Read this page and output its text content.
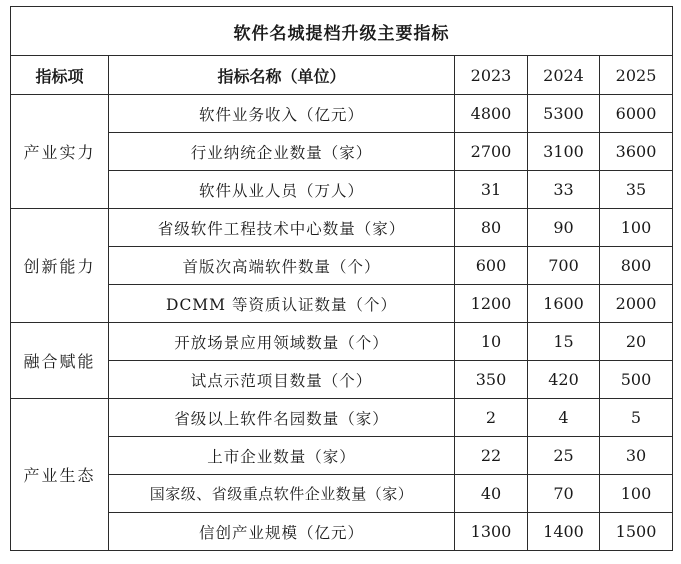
软件名城提档升级主要指标				
指标项	指标名称（单位）	2023	2024	2025
产业实力	软件业务收入（亿元）	4800	5300	6000
	行业纳统企业数量（家）	2700	3100	3600
	软件从业人员（万人）	31	33	35
创新能力	省级软件工程技术中心数量（家）	80	90	100
	首版次高端软件数量（个）	600	700	800
	DCMM 等资质认证数量（个）	1200	1600	2000
融合赋能	开放场景应用领域数量（个）	10	15	20
	试点示范项目数量（个）	350	420	500
产业生态	省级以上软件名园数量（家）	2	4	5
	上市企业数量（家）	22	25	30
	国家级、省级重点软件企业数量（家）	40	70	100
	信创产业规模（亿元）	1300	1400	1500
